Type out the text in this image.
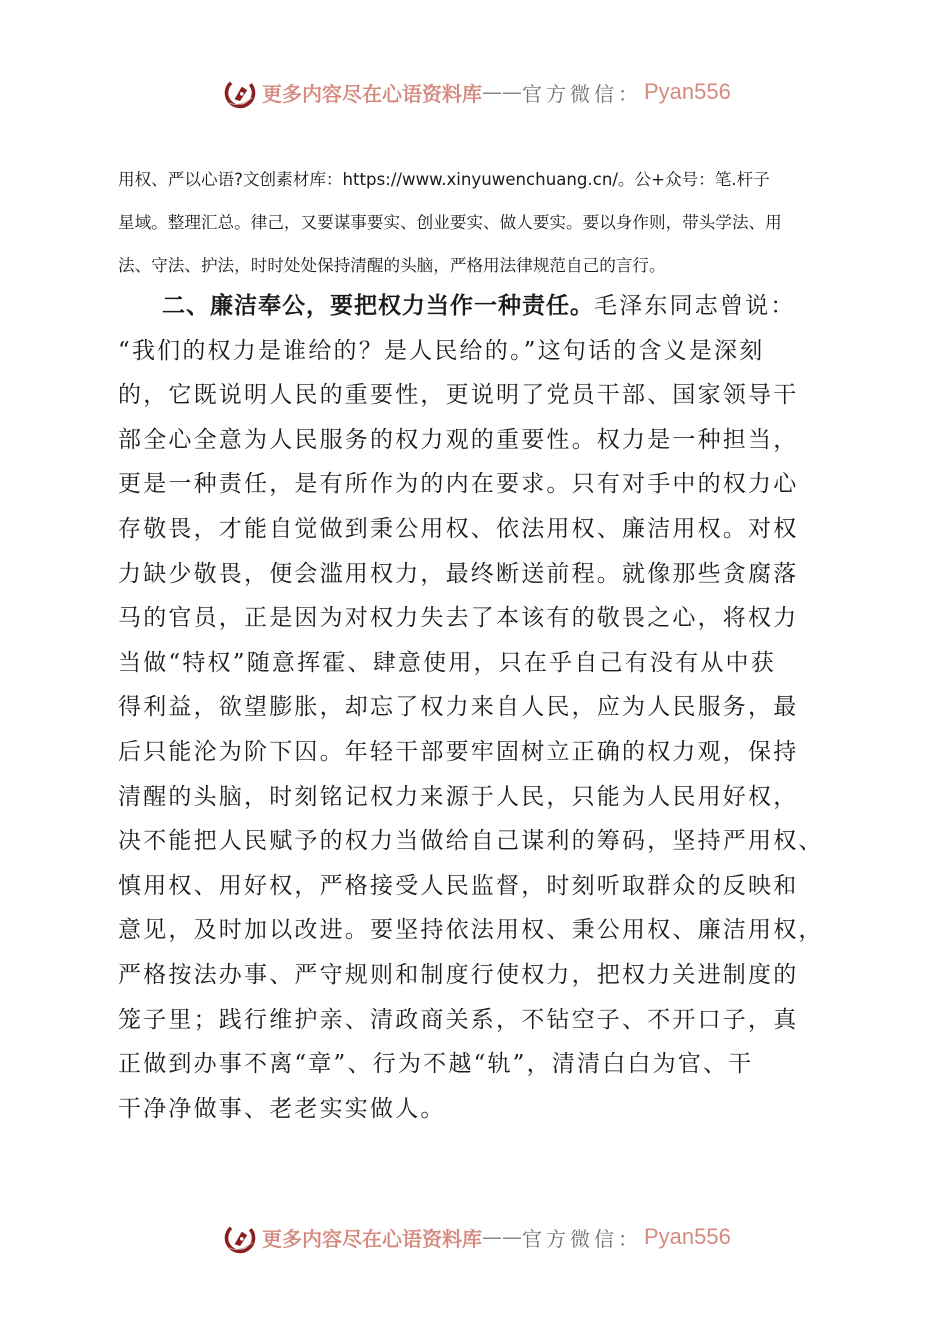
更多内容尽在心语资料库 —— 官方微信： Pyan556
用权、严以心语?文创素材库：https://www.xinyuwenchuang.cn/。公+众号：笔.杆子
星域。整理汇总。律己，又要谋事要实、创业要实、做人要实。要以身作则，带头学法、用
法、守法、护法，时时处处保持清醒的头脑，严格用法律规范自己的言行。
二、廉洁奉公，要把权力当作一种责任。毛泽东同志曾说：
“我们的权力是谁给的？是人民给的。”这句话的含义是深刻
的，它既说明人民的重要性，更说明了党员干部、国家领导干
部全心全意为人民服务的权力观的重要性。权力是一种担当，
更是一种责任，是有所作为的内在要求。只有对手中的权力心
存敬畏，才能自觉做到秉公用权、依法用权、廉洁用权。对权
力缺少敬畏，便会滥用权力，最终断送前程。就像那些贪腐落
马的官员，正是因为对权力失去了本该有的敬畏之心，将权力
当做“特权”随意挥霍、肆意使用，只在乎自己有没有从中获
得利益，欲望膨胀，却忘了权力来自人民，应为人民服务，最
后只能沦为阶下囚。年轻干部要牢固树立正确的权力观，保持
清醒的头脑，时刻铭记权力来源于人民，只能为人民用好权，
决不能把人民赋予的权力当做给自己谋利的筹码，坚持严用权、
慎用权、用好权，严格接受人民监督，时刻听取群众的反映和
意见，及时加以改进。要坚持依法用权、秉公用权、廉洁用权，
严格按法办事、严守规则和制度行使权力，把权力关进制度的
笼子里；践行维护亲、清政商关系，不钻空子、不开口子，真
正做到办事不离“章”、行为不越“轨”，清清白白为官、干
干净净做事、老老实实做人。
更多内容尽在心语资料库 —— 官方微信： Pyan556
